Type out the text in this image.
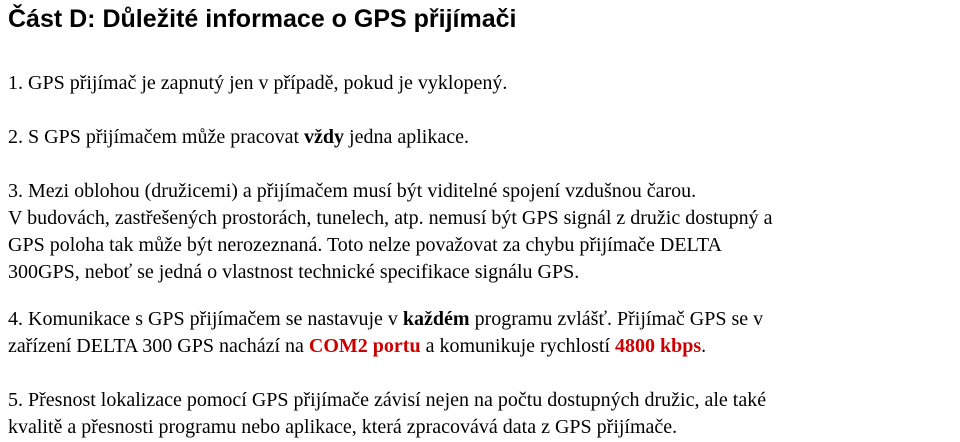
Část D: Důležité informace o GPS přijímači
1. GPS přijímač je zapnutý jen v případě, pokud je vyklopený.
2. S GPS přijímačem může pracovat vždy jedna aplikace.
3. Mezi oblohou (družicemi) a přijímačem musí být viditelné spojení vzdušnou čarou.
V budovách, zastřešených prostorách, tunelech, atp. nemusí být GPS signál z družic dostupný a
GPS poloha tak může být nerozeznaná. Toto nelze považovat za chybu přijímače DELTA
300GPS, neboť se jedná o vlastnost technické specifikace signálu GPS.
4. Komunikace s GPS přijímačem se nastavuje v každém programu zvlášť. Přijímač GPS se v
zařízení DELTA 300 GPS nachází na COM2 portu a komunikuje rychlostí 4800 kbps.
5. Přesnost lokalizace pomocí GPS přijímače závisí nejen na počtu dostupných družic, ale také
kvalitě a přesnosti programu nebo aplikace, která zpracovává data z GPS přijímače.
